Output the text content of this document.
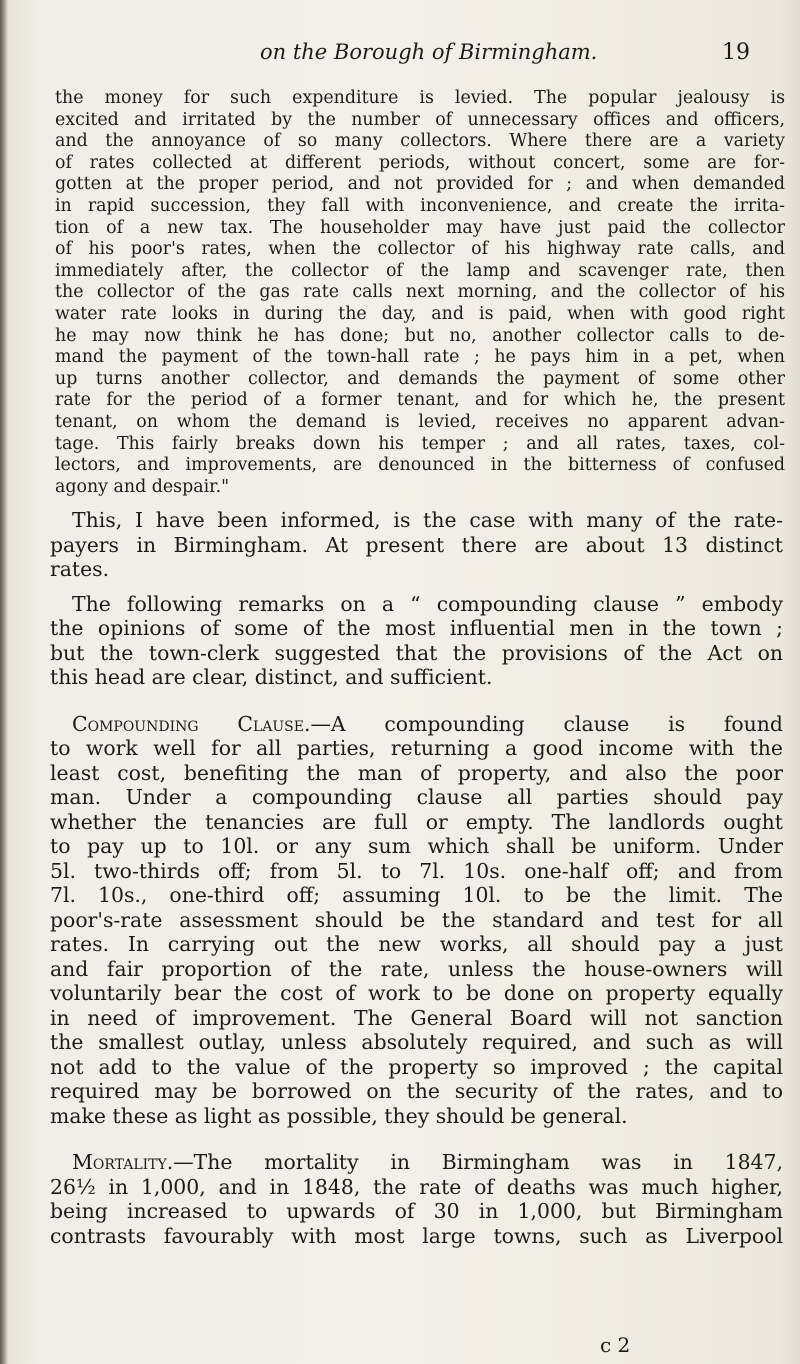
on the Borough of Birmingham.	19

the money for such expenditure is levied. The popular jealousy is
excited and irritated by the number of unnecessary offices and officers,
and the annoyance of so many collectors. Where there are a variety
of rates collected at different periods, without concert, some are for-
gotten at the proper period, and not provided for ; and when demanded
in rapid succession, they fall with inconvenience, and create the irrita-
tion of a new tax. The householder may have just paid the collector
of his poor's rates, when the collector of his highway rate calls, and
immediately after, the collector of the lamp and scavenger rate, then
the collector of the gas rate calls next morning, and the collector of his
water rate looks in during the day, and is paid, when with good right
he may now think he has done; but no, another collector calls to de-
mand the payment of the town-hall rate ; he pays him in a pet, when
up turns another collector, and demands the payment of some other
rate for the period of a former tenant, and for which he, the present
tenant, on whom the demand is levied, receives no apparent advan-
tage. This fairly breaks down his temper ; and all rates, taxes, col-
lectors, and improvements, are denounced in the bitterness of confused
agony and despair."

This, I have been informed, is the case with many of the rate-
payers in Birmingham. At present there are about 13 distinct
rates.

The following remarks on a “ compounding clause ” embody
the opinions of some of the most influential men in the town ;
but the town-clerk suggested that the provisions of the Act on
this head are clear, distinct, and sufficient.

Compounding Clause.—A compounding clause is found
to work well for all parties, returning a good income with the
least cost, benefiting the man of property, and also the poor
man. Under a compounding clause all parties should pay
whether the tenancies are full or empty. The landlords ought
to pay up to 10l. or any sum which shall be uniform. Under
5l. two-thirds off; from 5l. to 7l. 10s. one-half off; and from
7l. 10s., one-third off; assuming 10l. to be the limit. The
poor's-rate assessment should be the standard and test for all
rates. In carrying out the new works, all should pay a just
and fair proportion of the rate, unless the house-owners will
voluntarily bear the cost of work to be done on property equally
in need of improvement. The General Board will not sanction
the smallest outlay, unless absolutely required, and such as will
not add to the value of the property so improved ; the capital
required may be borrowed on the security of the rates, and to
make these as light as possible, they should be general.

Mortality.—The mortality in Birmingham was in 1847,
26½ in 1,000, and in 1848, the rate of deaths was much higher,
being increased to upwards of 30 in 1,000, but Birmingham
contrasts favourably with most large towns, such as Liverpool

c 2
